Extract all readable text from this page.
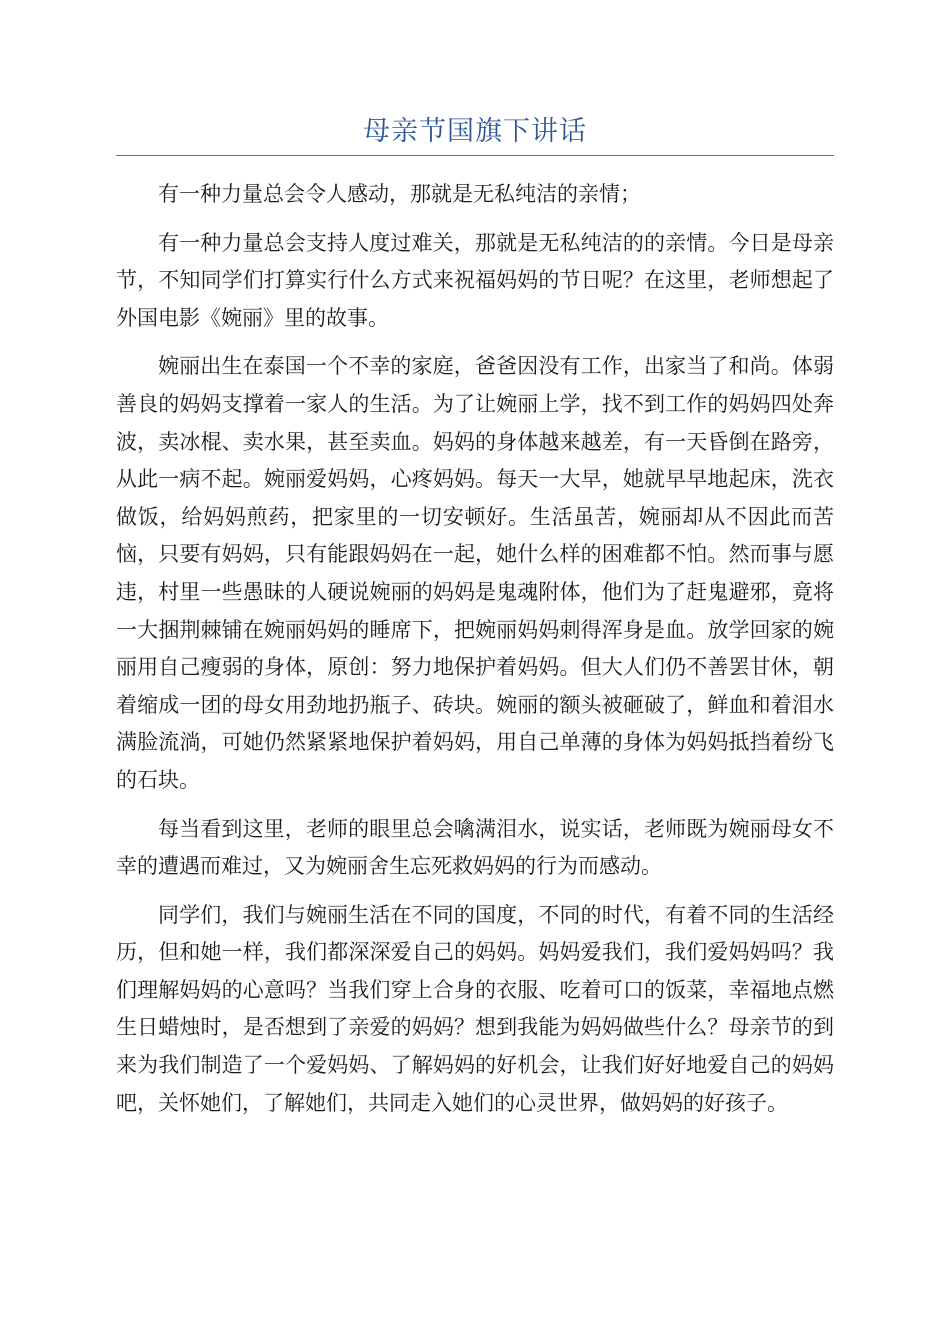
母亲节国旗下讲话

有一种力量总会令人感动，那就是无私纯洁的亲情；

有一种力量总会支持人度过难关，那就是无私纯洁的的亲情。今日是母亲节，不知同学们打算实行什么方式来祝福妈妈的节日呢？在这里，老师想起了外国电影《婉丽》里的故事。

婉丽出生在泰国一个不幸的家庭，爸爸因没有工作，出家当了和尚。体弱善良的妈妈支撑着一家人的生活。为了让婉丽上学，找不到工作的妈妈四处奔波，卖冰棍、卖水果，甚至卖血。妈妈的身体越来越差，有一天昏倒在路旁，从此一病不起。婉丽爱妈妈，心疼妈妈。每天一大早，她就早早地起床，洗衣做饭，给妈妈煎药，把家里的一切安顿好。生活虽苦，婉丽却从不因此而苦恼，只要有妈妈，只有能跟妈妈在一起，她什么样的困难都不怕。然而事与愿违，村里一些愚昧的人硬说婉丽的妈妈是鬼魂附体，他们为了赶鬼避邪，竟将一大捆荆棘铺在婉丽妈妈的睡席下，把婉丽妈妈刺得浑身是血。放学回家的婉丽用自己瘦弱的身体，原创：努力地保护着妈妈。但大人们仍不善罢甘休，朝着缩成一团的母女用劲地扔瓶子、砖块。婉丽的额头被砸破了，鲜血和着泪水满脸流淌，可她仍然紧紧地保护着妈妈，用自己单薄的身体为妈妈抵挡着纷飞的石块。

每当看到这里，老师的眼里总会噙满泪水，说实话，老师既为婉丽母女不幸的遭遇而难过，又为婉丽舍生忘死救妈妈的行为而感动。

同学们，我们与婉丽生活在不同的国度，不同的时代，有着不同的生活经历，但和她一样，我们都深深爱自己的妈妈。妈妈爱我们，我们爱妈妈吗？我们理解妈妈的心意吗？当我们穿上合身的衣服、吃着可口的饭菜，幸福地点燃生日蜡烛时，是否想到了亲爱的妈妈？想到我能为妈妈做些什么？母亲节的到来为我们制造了一个爱妈妈、了解妈妈的好机会，让我们好好地爱自己的妈妈吧，关怀她们，了解她们，共同走入她们的心灵世界，做妈妈的好孩子。
